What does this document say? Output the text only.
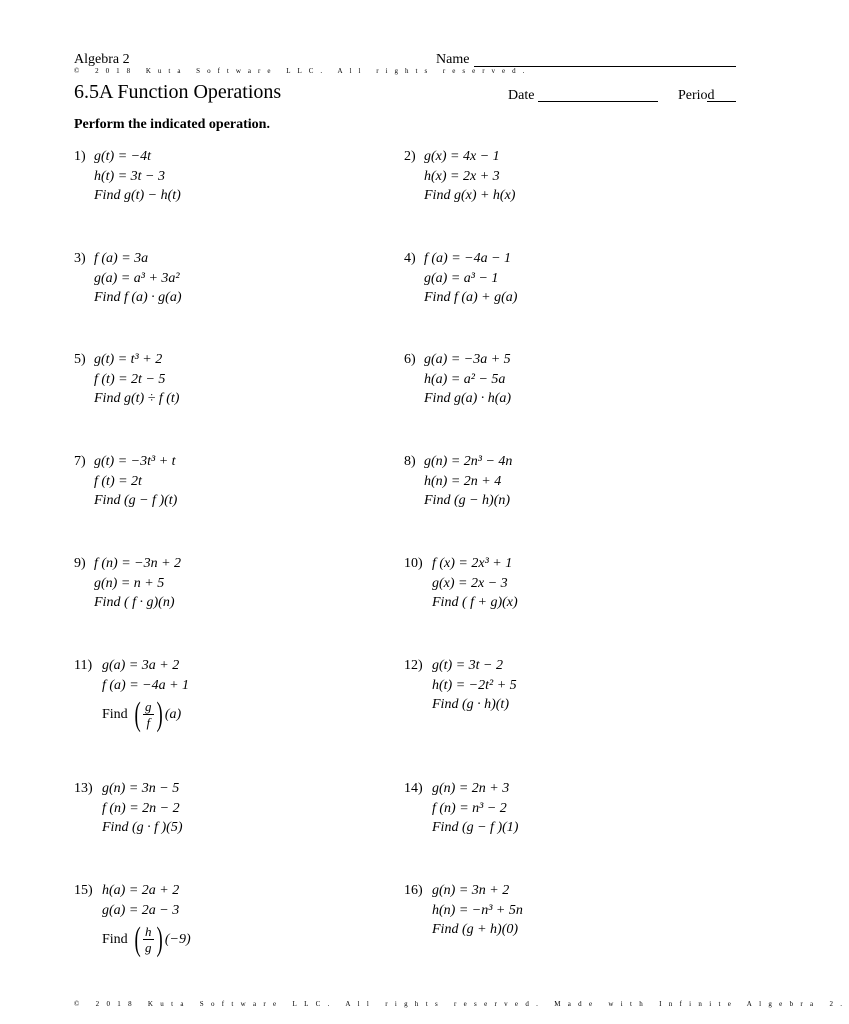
Algebra 2	Name
© 2018 Kuta Software LLC. All rights reserved.
6.5A Function Operations	Date	Period
Perform the indicated operation.
1) g(t) = −4t
h(t) = 3t − 3
Find g(t) − h(t)
2) g(x) = 4x − 1
h(x) = 2x + 3
Find g(x) + h(x)
3) f (a) = 3a
g(a) = a³ + 3a²
Find f (a) · g(a)
4) f (a) = −4a − 1
g(a) = a³ − 1
Find f (a) + g(a)
5) g(t) = t³ + 2
f (t) = 2t − 5
Find g(t) ÷ f (t)
6) g(a) = −3a + 5
h(a) = a² − 5a
Find g(a) · h(a)
7) g(t) = −3t³ + t
f (t) = 2t
Find (g − f )(t)
8) g(n) = 2n³ − 4n
h(n) = 2n + 4
Find (g − h)(n)
9) f (n) = −3n + 2
g(n) = n + 5
Find ( f · g)(n)
10) f (x) = 2x³ + 1
g(x) = 2x − 3
Find ( f + g)(x)
11) g(a) = 3a + 2
f (a) = −4a + 1
Find ( $\frac{g}{f}$ ) (a)
12) g(t) = 3t − 2
h(t) = −2t² + 5
Find (g · h)(t)
13) g(n) = 3n − 5
f (n) = 2n − 2
Find (g · f )(5)
14) g(n) = 2n + 3
f (n) = n³ − 2
Find (g − f )(1)
15) h(a) = 2a + 2
g(a) = 2a − 3
Find ( $\frac{h}{g}$ ) (−9)
16) g(n) = 3n + 2
h(n) = −n³ + 5n
Find (g + h)(0)
© 2018 Kuta Software LLC. All rights reserved. Made with Infinite Algebra 2.
